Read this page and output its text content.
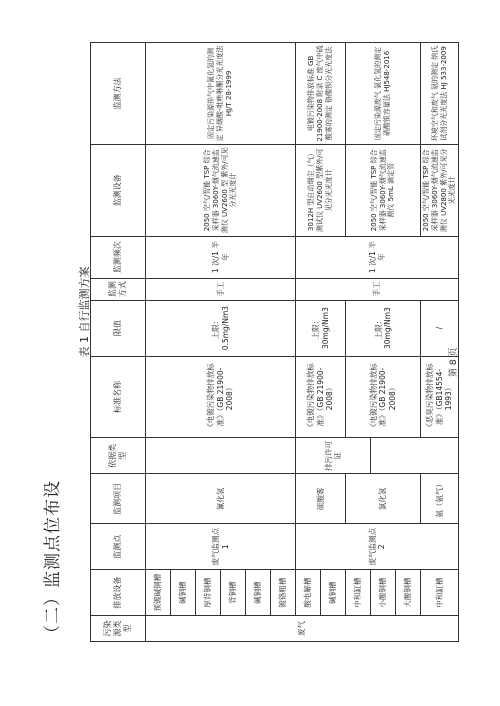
（二）监测点位布设
表 1 自行监测方案
污染源类型	排放设备	监测点	监测项目	依据类型	标准名称	限值	监测方式	监测频次	监测设备	监测方法
废气	预镀碱铜槽	废气监测点 1	氰化氢		《电镀污染物排放标准》（GB 21900-2008）	上限：0.5mg/Nm3	手工	1 次/1 半年	2050 空气/智能 TSP 综合采样器 3060Y-烟气流速监测仪 UV2600 型 紫外/可见分光光度计	固定污染源排气中氰化氢的测定 异烟酸-吡唑啉酮分光光度法 HJ/T 28-1999
	碱铜槽									
	厚背铜槽									
	背铜槽									
	碱铜槽									
	镀铬粗槽									
	酸电解槽	废气监测点 2	硫酸雾	排污许可证	《电镀污染物排放标准》（GB 21900-2008）	上限：30mg/Nm3	手工	1 次/1 半年	3012H 型自动烟尘（气）测试仪 UV2600 型紫外/可见分光光度计	电镀污染物排放标准 GB 21900-2008 附录 C 废气中硫酸雾的测定 铬酸钡分光光度法
	碱铜槽									
	中和缸槽		氯化氢		《电镀污染物排放标准》（GB 21900-2008）	上限：30mg/Nm3			2050 空气/智能 TSP 综合采样器 3060Y-烟气流速监测仪 5mL 滴定管	固定污染源废气 氯化氢的测定 硝酸银容量法 HJ548-2016
	小酸铜槽									
	大酸铜槽									
	中和缸槽		氨（氨气）		《恶臭污染物排放标准》（GB14554-1993）	/			2050 空气/智能 TSP 综合采样器 3060Y-烟气流速监测仪 UV2800 紫外/可见分光光度计	环境空气和废气 氨的测定 纳氏试剂分光光度法 HJ 533-2009
第 8 页
